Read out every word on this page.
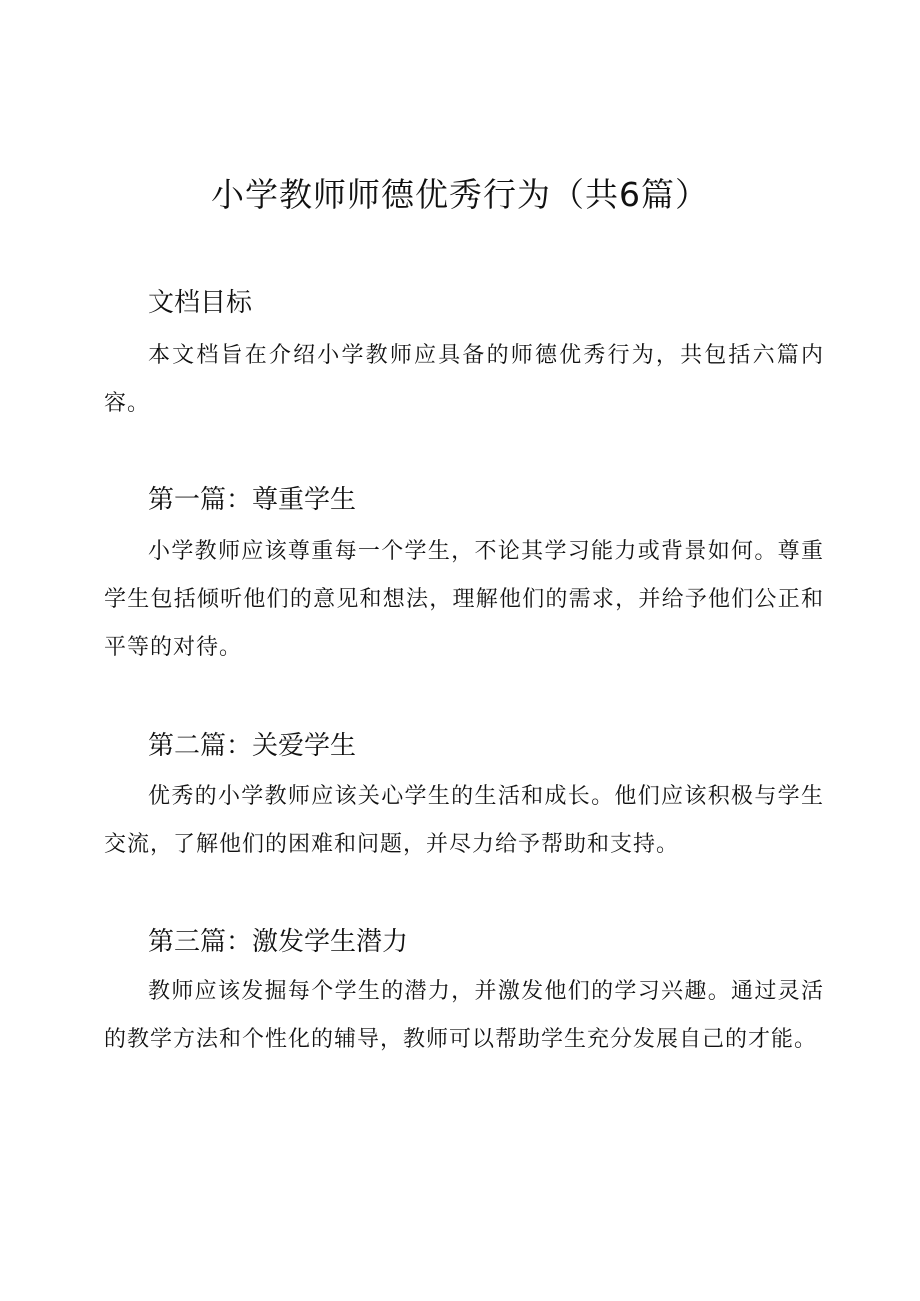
小学教师师德优秀行为（共6篇）
文档目标

本文档旨在介绍小学教师应具备的师德优秀行为，共包括六篇内容。

第一篇：尊重学生

小学教师应该尊重每一个学生，不论其学习能力或背景如何。尊重学生包括倾听他们的意见和想法，理解他们的需求，并给予他们公正和平等的对待。

第二篇：关爱学生

优秀的小学教师应该关心学生的生活和成长。他们应该积极与学生交流，了解他们的困难和问题，并尽力给予帮助和支持。

第三篇：激发学生潜力

教师应该发掘每个学生的潜力，并激发他们的学习兴趣。通过灵活的教学方法和个性化的辅导，教师可以帮助学生充分发展自己的才能。
